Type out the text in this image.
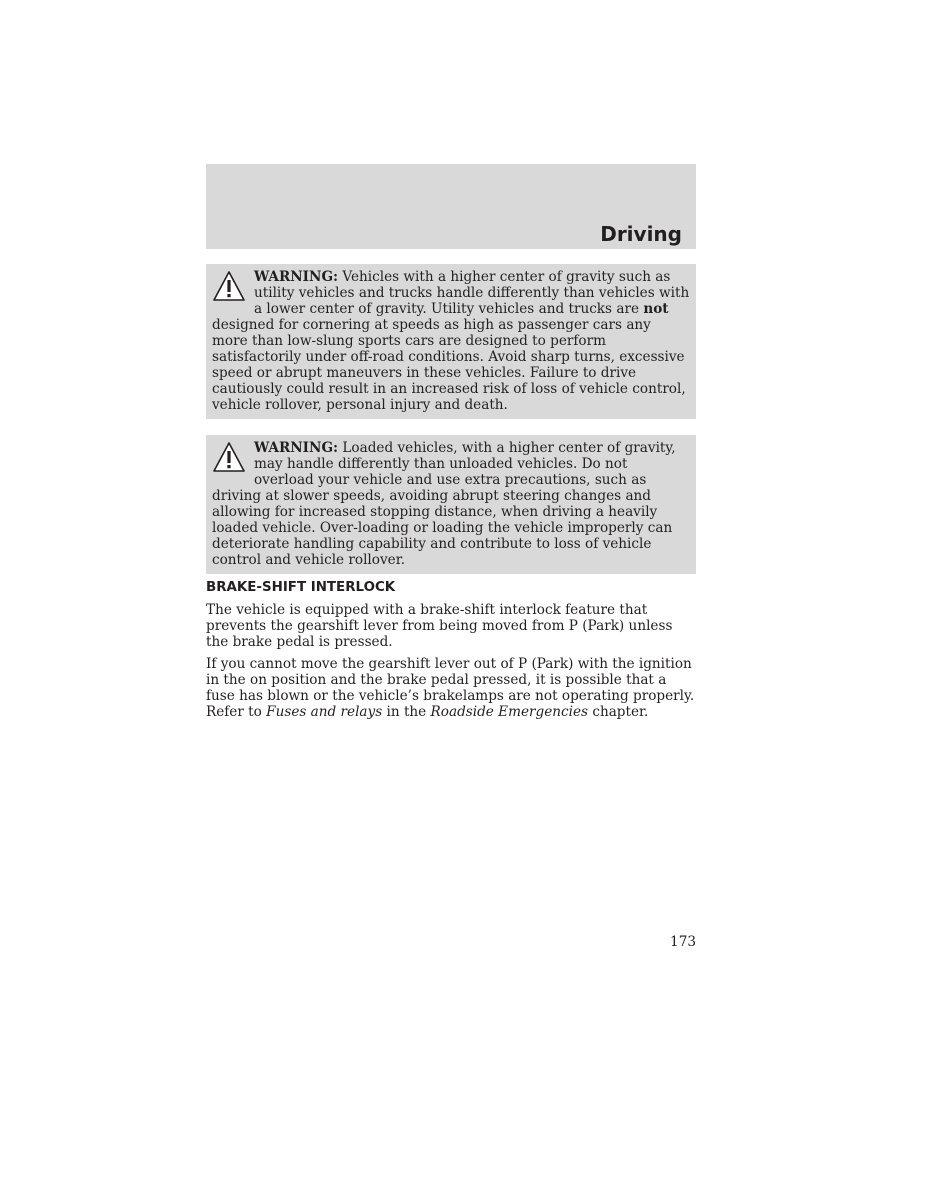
Driving
WARNING: Vehicles with a higher center of gravity such as utility vehicles and trucks handle differently than vehicles with a lower center of gravity. Utility vehicles and trucks are not designed for cornering at speeds as high as passenger cars any more than low-slung sports cars are designed to perform satisfactorily under off-road conditions. Avoid sharp turns, excessive speed or abrupt maneuvers in these vehicles. Failure to drive cautiously could result in an increased risk of loss of vehicle control, vehicle rollover, personal injury and death.
WARNING: Loaded vehicles, with a higher center of gravity, may handle differently than unloaded vehicles. Do not overload your vehicle and use extra precautions, such as driving at slower speeds, avoiding abrupt steering changes and allowing for increased stopping distance, when driving a heavily loaded vehicle. Over-loading or loading the vehicle improperly can deteriorate handling capability and contribute to loss of vehicle control and vehicle rollover.
BRAKE-SHIFT INTERLOCK

The vehicle is equipped with a brake-shift interlock feature that prevents the gearshift lever from being moved from P (Park) unless the brake pedal is pressed.

If you cannot move the gearshift lever out of P (Park) with the ignition in the on position and the brake pedal pressed, it is possible that a fuse has blown or the vehicle’s brakelamps are not operating properly. Refer to Fuses and relays in the Roadside Emergencies chapter.

173
